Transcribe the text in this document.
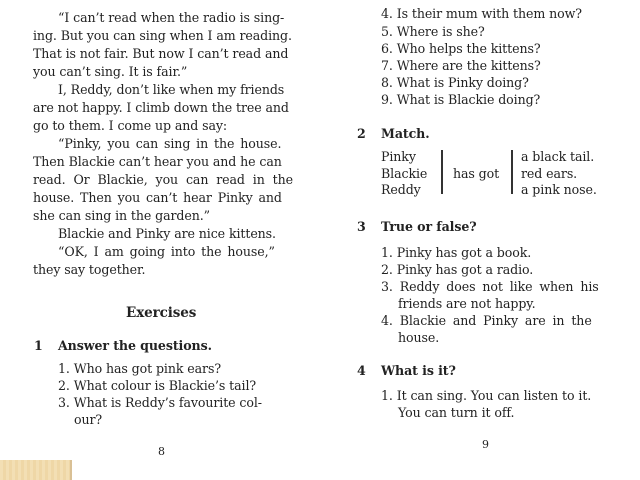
“I can’t read when the radio is sing-
ing. But you can sing when I am reading.
That is not fair. But now I can’t read and
you can’t sing. It is fair.”
I, Reddy, don’t like when my friends
are not happy. I climb down the tree and
go to them. I come up and say:
“Pinky, you can sing in the house.
Then Blackie can’t hear you and he can
read. Or Blackie, you can read in the
house. Then you can’t hear Pinky and
she can sing in the garden.”
Blackie and Pinky are nice kittens.
“OK, I am going into the house,”
they say together.
Exercises
1 Answer the questions.
1. Who has got pink ears?
2. What colour is Blackie’s tail?
3. What is Reddy’s favourite col-
our?
8
4. Is their mum with them now?
5. Where is she?
6. Who helps the kittens?
7. Where are the kittens?
8. What is Pinky doing?
9. What is Blackie doing?
2 Match.
Pinky
Blackie
Reddy
has got
a black tail.
red ears.
a pink nose.
3 True or false?
1. Pinky has got a book.
2. Pinky has got a radio.
3. Reddy does not like when his
friends are not happy.
4. Blackie and Pinky are in the
house.
4 What is it?
1. It can sing. You can listen to it.
You can turn it off.
9
